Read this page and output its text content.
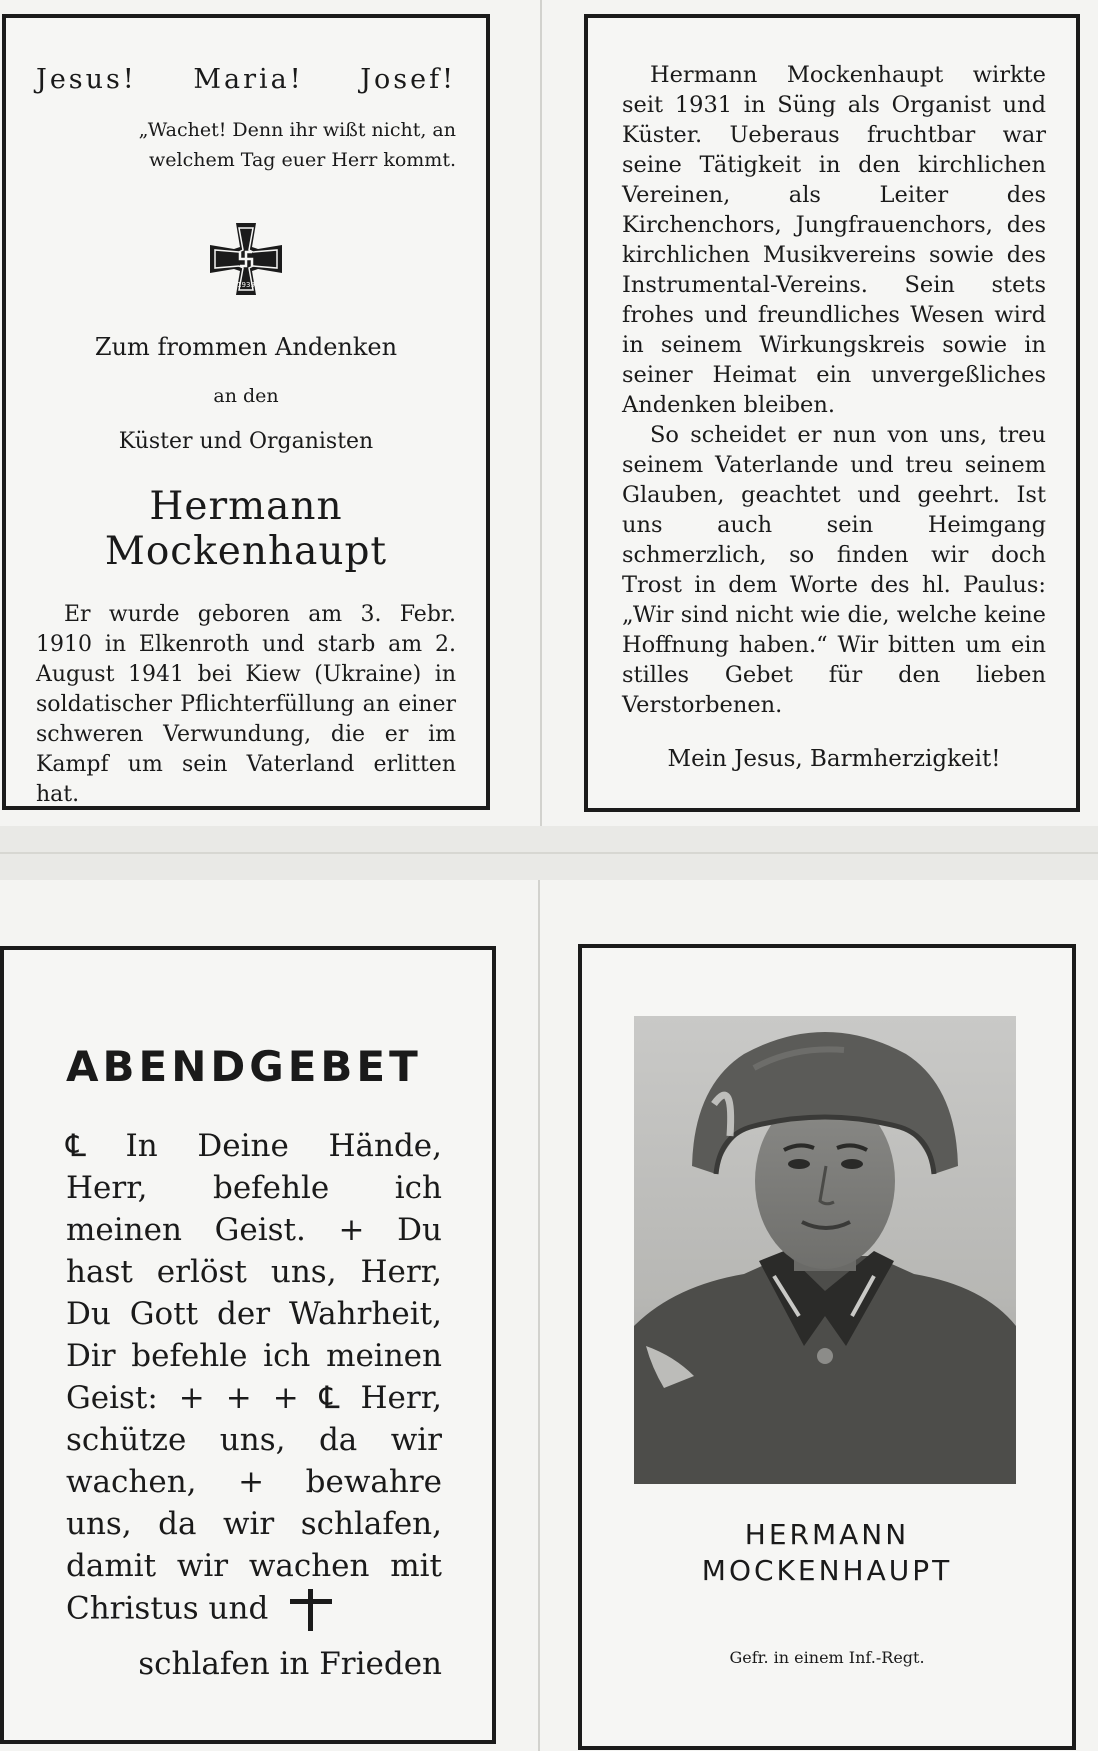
Jesus! Maria! Josef!
„Wachet! Denn ihr wißt nicht, an
welchem Tag euer Herr kommt.
1939
Zum frommen Andenken
an den
Küster und Organisten
Hermann Mockenhaupt

Er wurde geboren am 3. Febr. 1910 in Elkenroth und starb am 2. August 1941 bei Kiew (Ukraine) in soldatischer Pflichterfüllung an einer schweren Verwundung, die er im Kampf um sein Vaterland erlitten hat.

Hermann Mockenhaupt wirkte seit 1931 in Süng als Organist und Küster. Ueberaus fruchtbar war seine Tätigkeit in den kirchlichen Vereinen, als Leiter des Kirchenchors, Jungfrauenchors, des kirchlichen Musikvereins sowie des Instrumental-Vereins. Sein stets frohes und freundliches Wesen wird in seinem Wirkungskreis sowie in seiner Heimat ein unvergeßliches Andenken bleiben.

So scheidet er nun von uns, treu seinem Vaterlande und treu seinem Glauben, geachtet und geehrt. Ist uns auch sein Heimgang schmerzlich, so finden wir doch Trost in dem Worte des hl. Paulus: „Wir sind nicht wie die, welche keine Hoffnung haben.“ Wir bitten um ein stilles Gebet für den lieben Verstorbenen.

Mein Jesus, Barmherzigkeit!
ABENDGEBET
℄ In Deine Hände, Herr, befehle ich meinen Geist. + Du hast erlöst uns, Herr, Du Gott der Wahrheit, Dir befehle ich meinen Geist: + + + ℄ Herr, schütze uns, da wir wachen, + bewahre uns, da wir schlafen, damit wir wachen mit Christus und
schlafen in Frieden
HERMANN
MOCKENHAUPT
Gefr. in einem Inf.-Regt.
